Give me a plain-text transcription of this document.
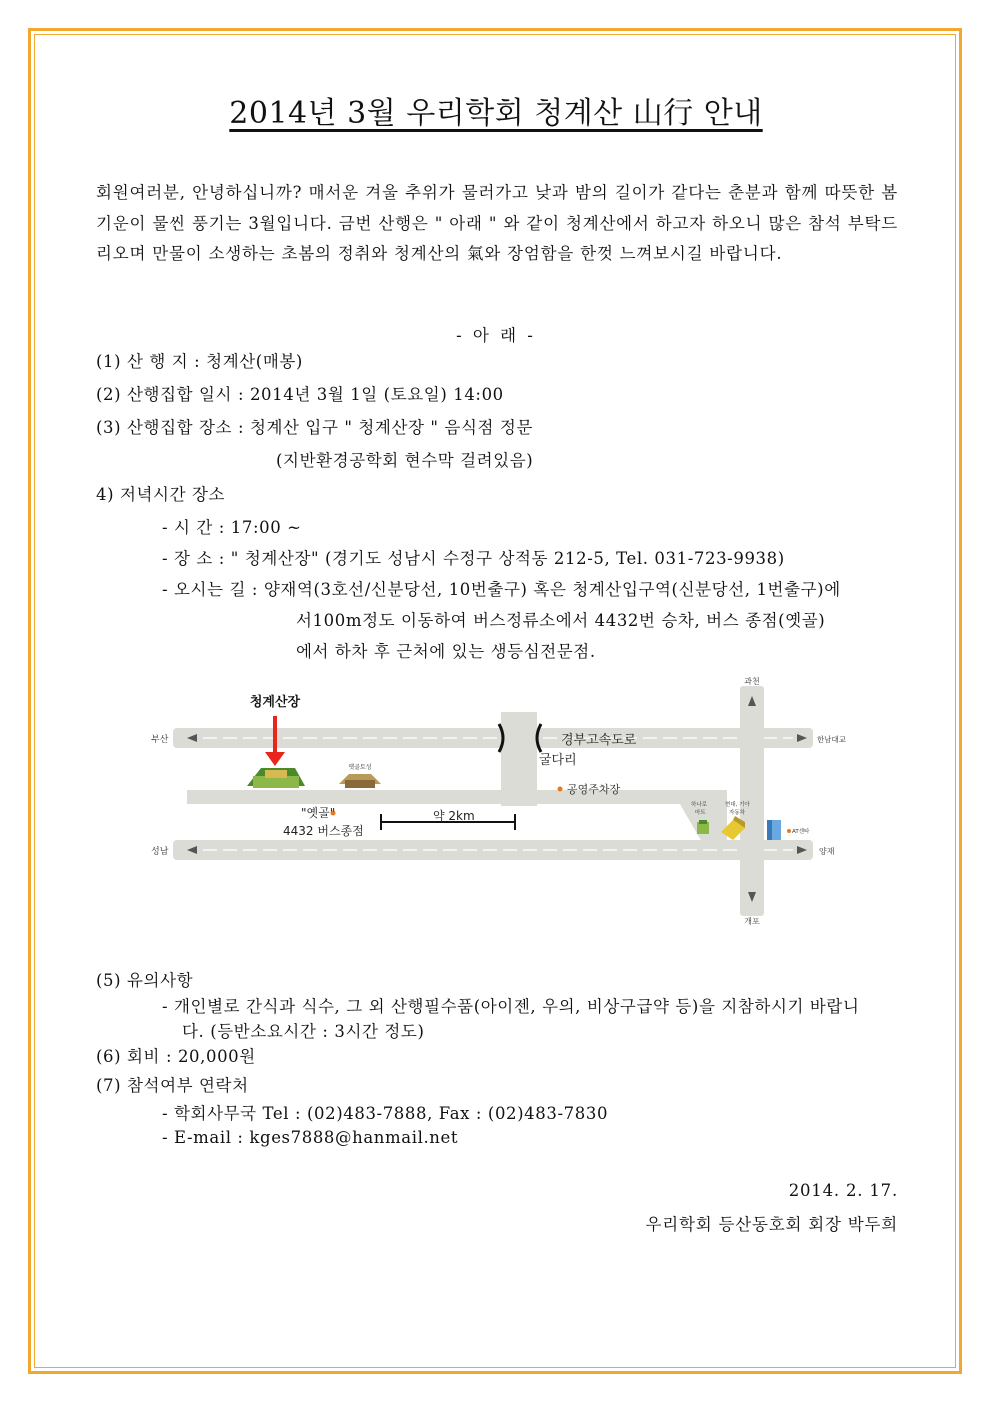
2014년 3월 우리학회 청계산 山行 안내

회원여러분, 안녕하십니까? 매서운 겨울 추위가 물러가고 낮과 밤의 길이가 같다는 춘분과 함께 따뜻한 봄기운이 물씬 풍기는 3월입니다. 금번 산행은 " 아래 " 와 같이 청계산에서 하고자 하오니 많은 참석 부탁드리오며 만물이 소생하는 초봄의 정취와 청계산의 氣와 장엄함을 한껏 느껴보시길 바랍니다.

- 아 래 -
(1) 산 행 지 : 청계산(매봉)
(2) 산행집합 일시 : 2014년 3월 1일 (토요일) 14:00
(3) 산행집합 장소 : 청계산 입구 " 청계산장 " 음식점 정문
(지반환경공학회 현수막 걸려있음)
4) 저녁시간 장소
- 시 간 : 17:00 ~
- 장 소 : " 청계산장" (경기도 성남시 수정구 상적동 212-5, Tel. 031-723-9938)
- 오시는 길 : 양재역(3호선/신분당선, 10번출구) 혹은 청계산입구역(신분당선, 1번출구)에
서100m정도 이동하여 버스정류소에서 4432번 승차, 버스 종점(옛골)
에서 하차 후 근처에 있는 생등심전문점.
청계산장
부산
성남
과천
개포
한남대교
양재
경부고속도로
굴다리
공영주차장
옛골토성
"옛골"
4432 버스종점
약 2km
하나로
마트
현대, 기아
자동차
AT센타
(5) 유의사항
- 개인별로 간식과 식수, 그 외 산행필수품(아이젠, 우의, 비상구급약 등)을 지참하시기 바랍니
다. (등반소요시간 : 3시간 정도)
(6) 회비 : 20,000원
(7) 참석여부 연락처
- 학회사무국 Tel : (02)483-7888, Fax : (02)483-7830
- E-mail : kges7888@hanmail.net
2014. 2. 17.
우리학회 등산동호회 회장 박두희
